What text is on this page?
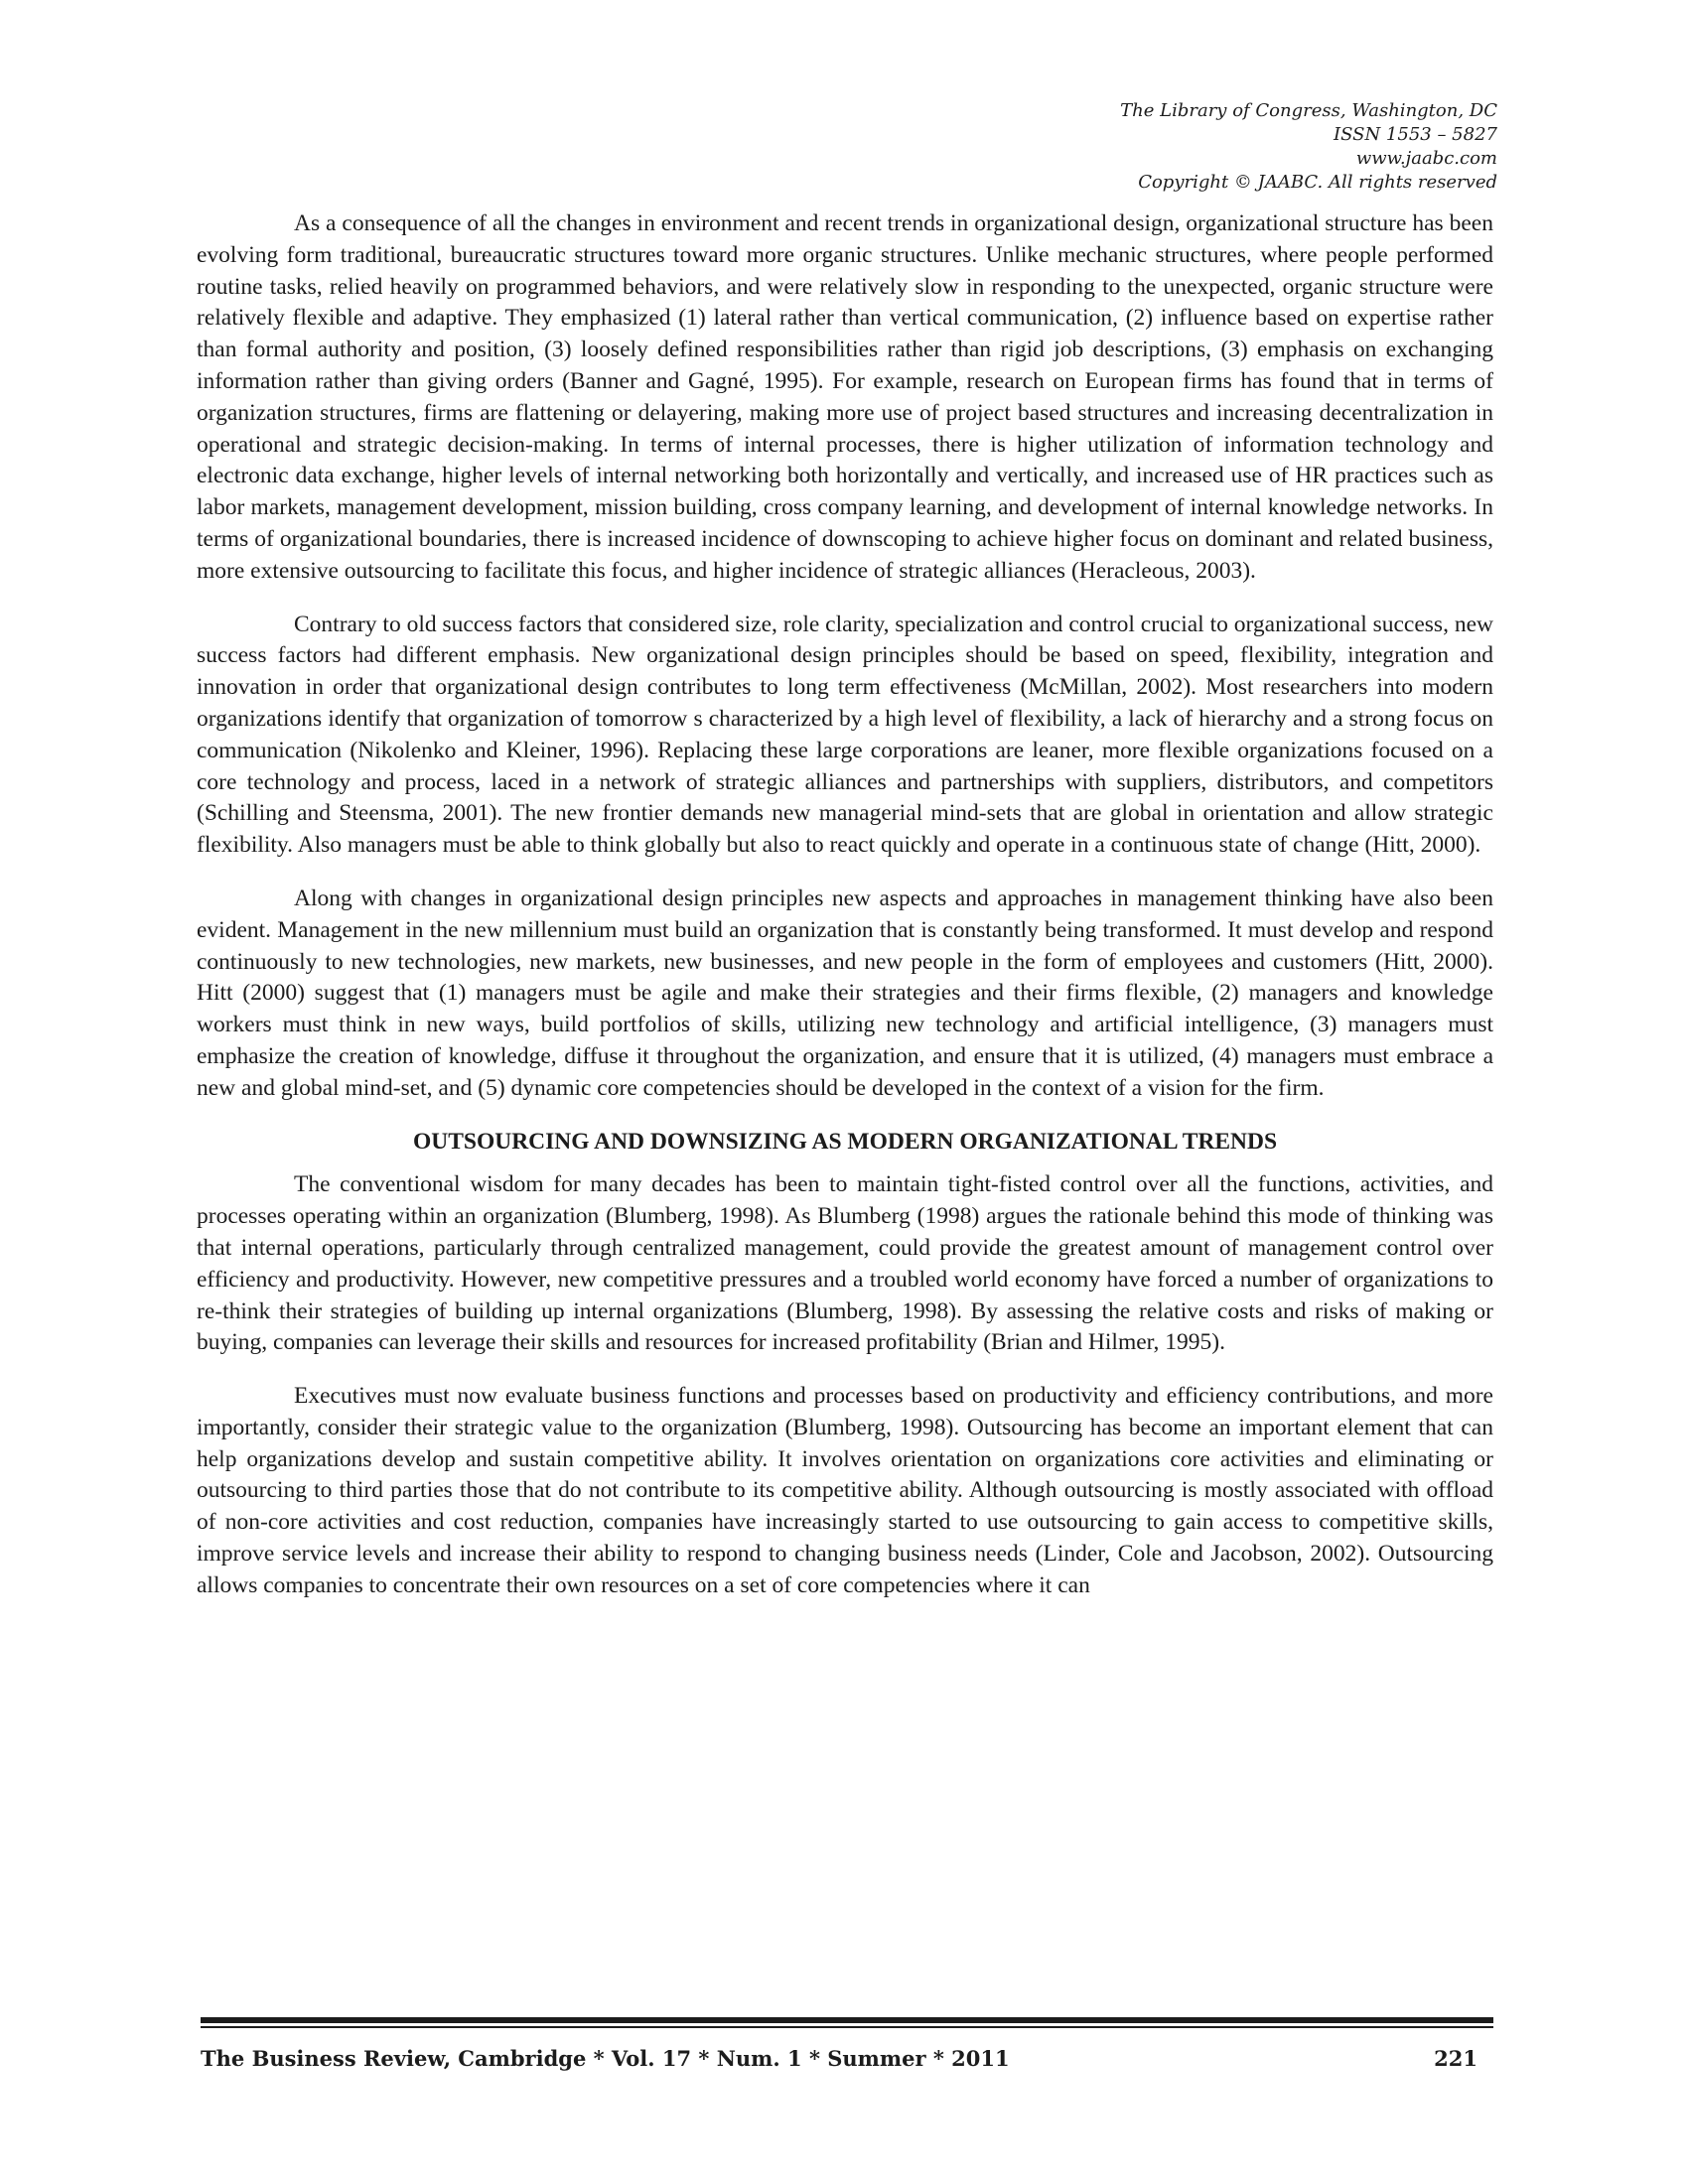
The Library of Congress, Washington, DC
ISSN 1553 – 5827
www.jaabc.com
Copyright © JAABC. All rights reserved

As a consequence of all the changes in environment and recent trends in organizational design, organizational structure has been evolving form traditional, bureaucratic structures toward more organic structures. Unlike mechanic structures, where people performed routine tasks, relied heavily on programmed behaviors, and were relatively slow in responding to the unexpected, organic structure were relatively flexible and adaptive. They emphasized (1) lateral rather than vertical communication, (2) influence based on expertise rather than formal authority and position, (3) loosely defined responsibilities rather than rigid job descriptions, (3) emphasis on exchanging information rather than giving orders (Banner and Gagné, 1995). For example, research on European firms has found that in terms of organization structures, firms are flattening or delayering, making more use of project based structures and increasing decentralization in operational and strategic decision-making. In terms of internal processes, there is higher utilization of information technology and electronic data exchange, higher levels of internal networking both horizontally and vertically, and increased use of HR practices such as labor markets, management development, mission building, cross company learning, and development of internal knowledge networks. In terms of organizational boundaries, there is increased incidence of downscoping to achieve higher focus on dominant and related business, more extensive outsourcing to facilitate this focus, and higher incidence of strategic alliances (Heracleous, 2003).

Contrary to old success factors that considered size, role clarity, specialization and control crucial to organizational success, new success factors had different emphasis. New organizational design principles should be based on speed, flexibility, integration and innovation in order that organizational design contributes to long term effectiveness (McMillan, 2002). Most researchers into modern organizations identify that organization of tomorrow s characterized by a high level of flexibility, a lack of hierarchy and a strong focus on communication (Nikolenko and Kleiner, 1996). Replacing these large corporations are leaner, more flexible organizations focused on a core technology and process, laced in a network of strategic alliances and partnerships with suppliers, distributors, and competitors (Schilling and Steensma, 2001). The new frontier demands new managerial mind-sets that are global in orientation and allow strategic flexibility. Also managers must be able to think globally but also to react quickly and operate in a continuous state of change (Hitt, 2000).

Along with changes in organizational design principles new aspects and approaches in management thinking have also been evident. Management in the new millennium must build an organization that is constantly being transformed. It must develop and respond continuously to new technologies, new markets, new businesses, and new people in the form of employees and customers (Hitt, 2000). Hitt (2000) suggest that (1) managers must be agile and make their strategies and their firms flexible, (2) managers and knowledge workers must think in new ways, build portfolios of skills, utilizing new technology and artificial intelligence, (3) managers must emphasize the creation of knowledge, diffuse it throughout the organization, and ensure that it is utilized, (4) managers must embrace a new and global mind-set, and (5) dynamic core competencies should be developed in the context of a vision for the firm.

OUTSOURCING AND DOWNSIZING AS MODERN ORGANIZATIONAL TRENDS

The conventional wisdom for many decades has been to maintain tight-fisted control over all the functions, activities, and processes operating within an organization (Blumberg, 1998). As Blumberg (1998) argues the rationale behind this mode of thinking was that internal operations, particularly through centralized management, could provide the greatest amount of management control over efficiency and productivity. However, new competitive pressures and a troubled world economy have forced a number of organizations to re-think their strategies of building up internal organizations (Blumberg, 1998). By assessing the relative costs and risks of making or buying, companies can leverage their skills and resources for increased profitability (Brian and Hilmer, 1995).

Executives must now evaluate business functions and processes based on productivity and efficiency contributions, and more importantly, consider their strategic value to the organization (Blumberg, 1998). Outsourcing has become an important element that can help organizations develop and sustain competitive ability. It involves orientation on organizations core activities and eliminating or outsourcing to third parties those that do not contribute to its competitive ability. Although outsourcing is mostly associated with offload of non-core activities and cost reduction, companies have increasingly started to use outsourcing to gain access to competitive skills, improve service levels and increase their ability to respond to changing business needs (Linder, Cole and Jacobson, 2002). Outsourcing allows companies to concentrate their own resources on a set of core competencies where it can

The Business Review, Cambridge * Vol. 17 * Num. 1 * Summer * 2011	221
